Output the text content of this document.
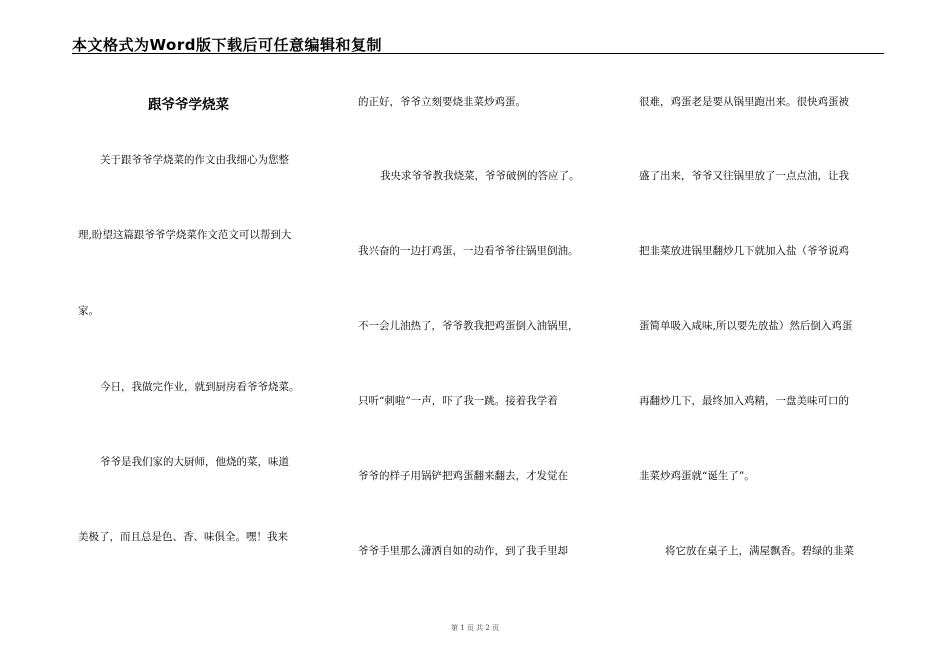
本文格式为Word版下载后可任意编辑和复制
跟爷爷学烧菜
关于跟爷爷学烧菜的作文由我细心为您整
理,盼望这篇跟爷爷学烧菜作文范文可以帮到大
家。
今日，我做完作业，就到厨房看爷爷烧菜。
爷爷是我们家的大厨师，他烧的菜，味道
美极了，而且总是色、香、味俱全。嘿！我来
的正好，爷爷立刻要烧韭菜炒鸡蛋。
我央求爷爷教我烧菜，爷爷破例的答应了。
我兴奋的一边打鸡蛋，一边看爷爷往锅里倒油。
不一会儿油热了，爷爷教我把鸡蛋倒入油锅里，
只听“刺啦”一声，吓了我一跳。接着我学着
爷爷的样子用锅铲把鸡蛋翻来翻去，才发觉在
爷爷手里那么潇洒自如的动作，到了我手里却
很难，鸡蛋老是要从锅里跑出来。很快鸡蛋被
盛了出来，爷爷又往锅里放了一点点油，让我
把韭菜放进锅里翻炒几下就加入盐（爷爷说鸡
蛋简单吸入咸味,所以要先放盐）然后倒入鸡蛋
再翻炒几下，最终加入鸡精，一盘美味可口的
韭菜炒鸡蛋就“诞生了”。
将它放在桌子上，满屋飘香。碧绿的韭菜
第 1 页 共 2 页
